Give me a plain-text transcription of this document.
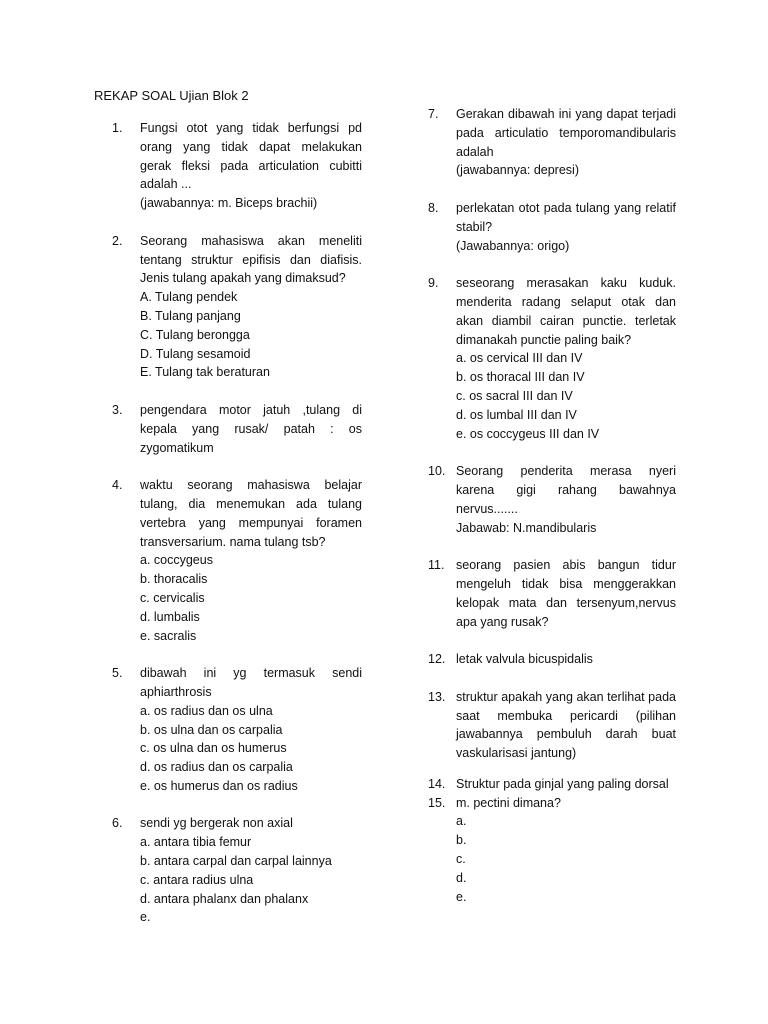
REKAP SOAL Ujian Blok 2
1. Fungsi otot yang tidak berfungsi pd orang yang tidak dapat melakukan gerak fleksi pada articulation cubitti adalah ...

(jawabannya: m. Biceps brachii)

2. Seorang mahasiswa akan meneliti tentang struktur epifisis dan diafisis. Jenis tulang apakah yang dimaksud?

A. Tulang pendek

B. Tulang panjang

C. Tulang berongga

D. Tulang sesamoid

E. Tulang tak beraturan

3. pengendara motor jatuh ,tulang di kepala yang rusak/ patah : os zygomatikum

4. waktu seorang mahasiswa belajar tulang, dia menemukan ada tulang vertebra yang mempunyai foramen transversarium. nama tulang tsb?

a. coccygeus

b. thoracalis

c. cervicalis

d. lumbalis

e. sacralis

5. dibawah ini yg termasuk sendi aphiarthrosis

a. os radius dan os ulna

b. os ulna dan os carpalia

c. os ulna dan os humerus

d. os radius dan os carpalia

e. os humerus dan os radius

6. sendi yg bergerak non axial

a. antara tibia femur

b. antara carpal dan carpal lainnya

c. antara radius ulna

d. antara phalanx dan phalanx

e.

7. Gerakan dibawah ini yang dapat terjadi pada articulatio temporomandibularis adalah

(jawabannya: depresi)

8. perlekatan otot pada tulang yang relatif stabil?

(Jawabannya: origo)

9. seseorang merasakan kaku kuduk. menderita radang selaput otak dan akan diambil cairan punctie. terletak dimanakah punctie paling baik?

a. os cervical III dan IV

b. os thoracal III dan IV

c. os sacral III dan IV

d. os lumbal III dan IV

e. os coccygeus III dan IV

10. Seorang penderita merasa nyeri karena gigi rahang bawahnya nervus.......

Jabawab: N.mandibularis

11. seorang pasien abis bangun tidur mengeluh tidak bisa menggerakkan kelopak mata dan tersenyum,nervus apa yang rusak?

12. letak valvula bicuspidalis

13. struktur apakah yang akan terlihat pada saat membuka pericardi (pilihan jawabannya pembuluh darah buat vaskularisasi jantung)

14. Struktur pada ginjal yang paling dorsal

15. m. pectini dimana?

a.

b.

c.

d.

e.
